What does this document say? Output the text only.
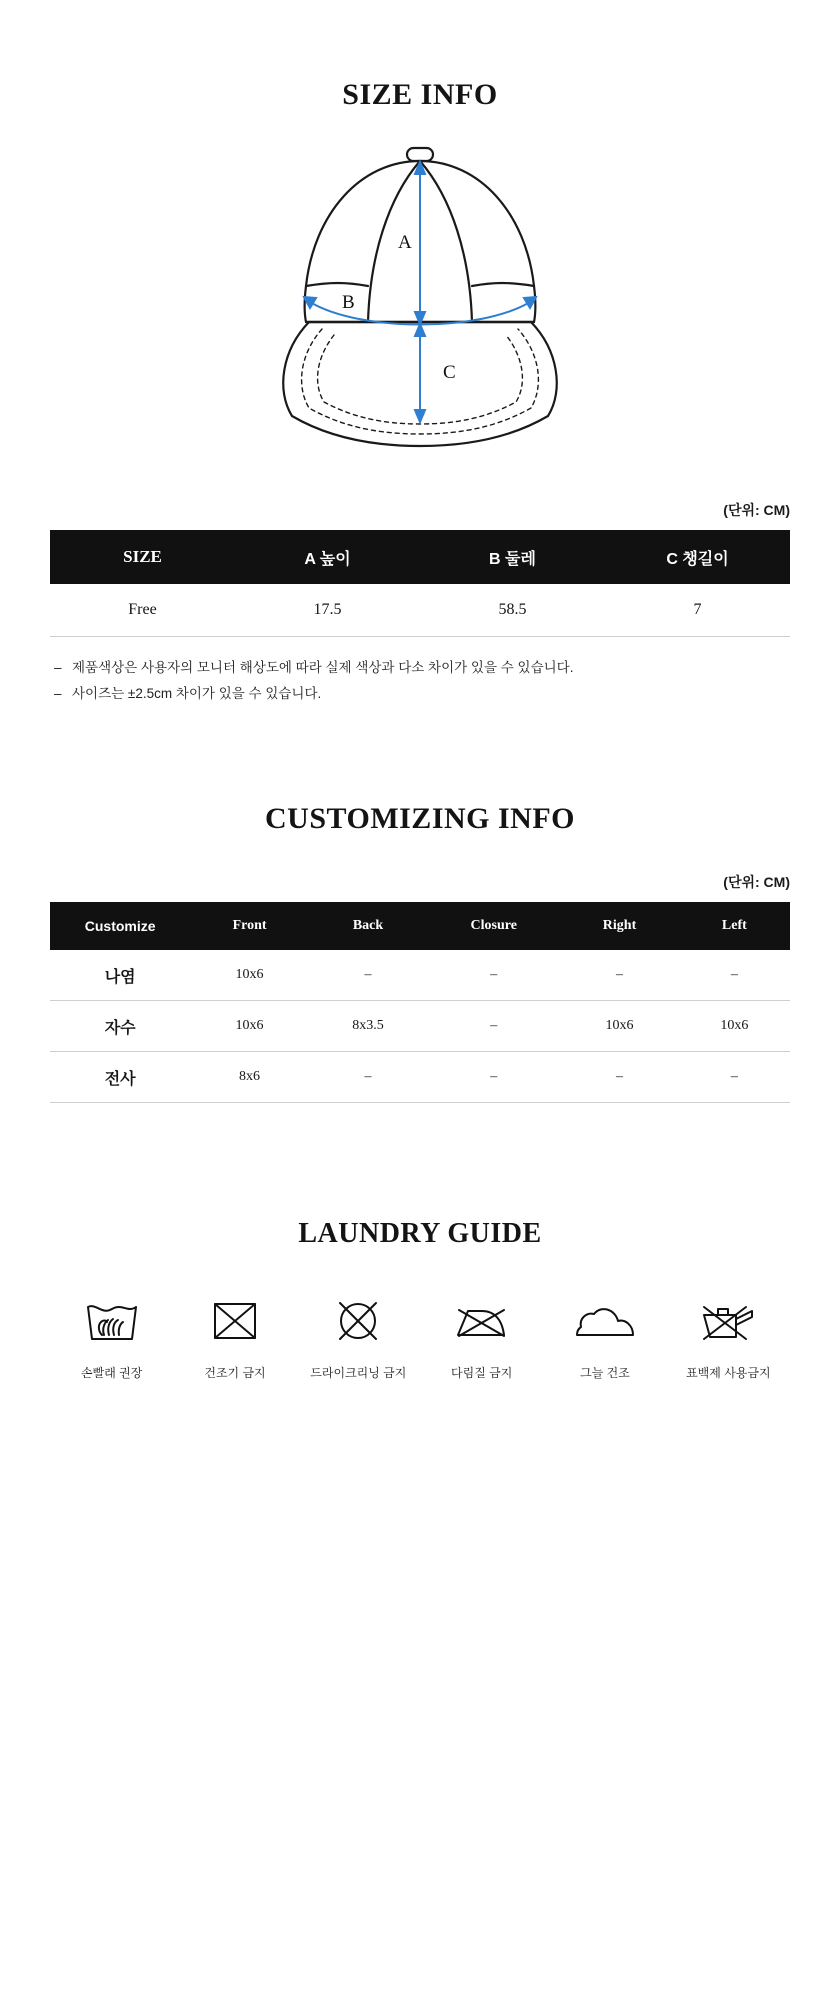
SIZE INFO
A
B
C
(단위: CM)
SIZE	A 높이	B 둘레	C 챙길이
Free	17.5	58.5	7
– 제품색상은 사용자의 모니터 해상도에 따라 실제 색상과 다소 차이가 있을 수 있습니다.
– 사이즈는 ±2.5cm 차이가 있을 수 있습니다.
CUSTOMIZING INFO
(단위: CM)
Customize	Front	Back	Closure	Right	Left
나염	10x6	–	–	–	–
자수	10x6	8x3.5	–	10x6	10x6
전사	8x6	–	–	–	–
LAUNDRY GUIDE
손빨래 권장	건조기 금지	드라이크리닝 금지	다림질 금지	그늘 건조	표백제 사용금지
